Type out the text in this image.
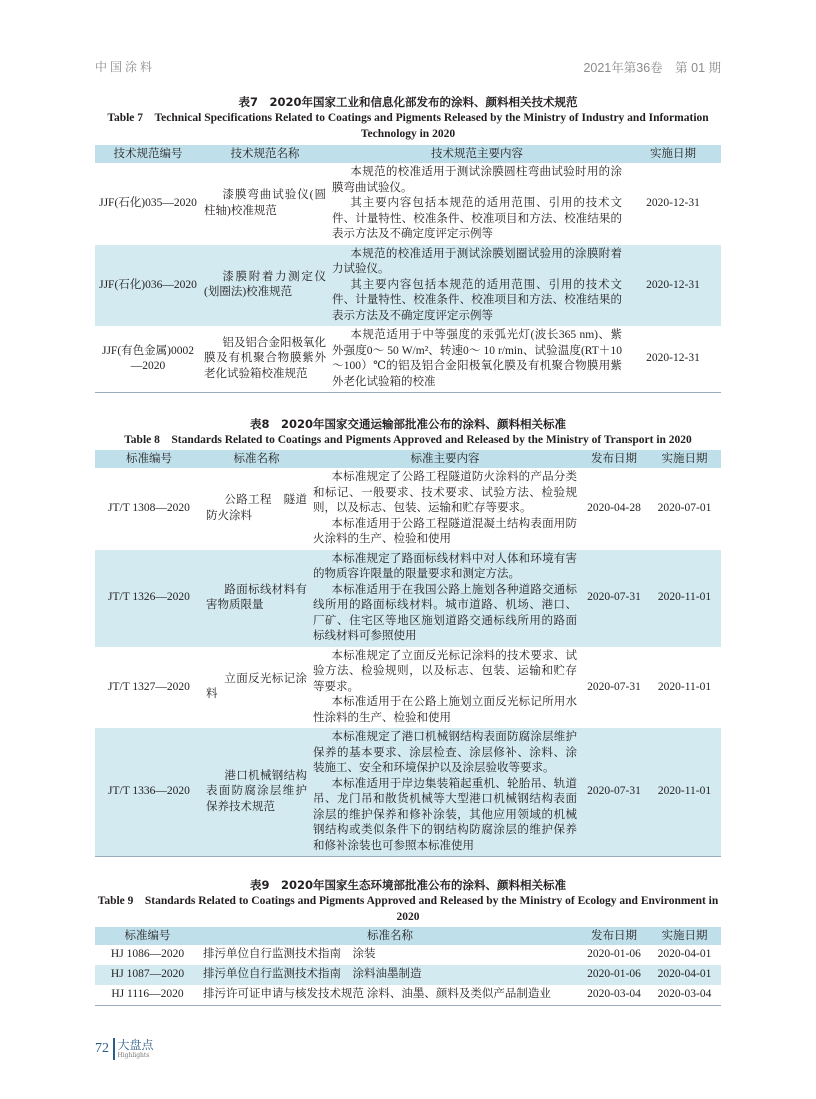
中国涂料	2021年第36卷　第 01 期
表7　2020年国家工业和信息化部发布的涂料、颜料相关技术规范
Table 7　Technical Specifications Related to Coatings and Pigments Released by the Ministry of Industry and Information Technology in 2020
技术规范编号	技术规范名称	技术规范主要内容	实施日期
JJF(石化)035—2020	漆膜弯曲试验仪(圆柱轴)校准规范	本规范的校准适用于测试涂膜圆柱弯曲试验时用的涂膜弯曲试验仪。

其主要内容包括本规范的适用范围、引用的技术文件、计量特性、校准条件、校准项目和方法、校准结果的表示方法及不确定度评定示例等	2020-12-31
JJF(石化)036—2020	漆膜附着力测定仪(划圈法)校准规范	本规范的校准适用于测试涂膜划圈试验用的涂膜附着力试验仪。

其主要内容包括本规范的适用范围、引用的技术文件、计量特性、校准条件、校准项目和方法、校准结果的表示方法及不确定度评定示例等	2020-12-31
JJF(有色金属)0002—2020	铝及铝合金阳极氧化膜及有机聚合物膜紫外老化试验箱校准规范	本规范适用于中等强度的汞弧光灯(波长365 nm)、紫外强度0～ 50 W/m²、转速0～ 10 r/min、试验温度(RT＋10～100）℃的铝及铝合金阳极氧化膜及有机聚合物膜用紫外老化试验箱的校准	2020-12-31
表8　2020年国家交通运输部批准公布的涂料、颜料相关标准
Table 8　Standards Related to Coatings and Pigments Approved and Released by the Ministry of Transport in 2020
标准编号	标准名称	标准主要内容	发布日期	实施日期
JT/T 1308—2020	公路工程　隧道防火涂料	本标准规定了公路工程隧道防火涂料的产品分类和标记、一般要求、技术要求、试验方法、检验规则，以及标志、包装、运输和贮存等要求。

本标准适用于公路工程隧道混凝土结构表面用防火涂料的生产、检验和使用	2020-04-28	2020-07-01
JT/T 1326—2020	路面标线材料有害物质限量	本标准规定了路面标线材料中对人体和环境有害的物质容许限量的限量要求和测定方法。

本标准适用于在我国公路上施划各种道路交通标线所用的路面标线材料。城市道路、机场、港口、厂矿、住宅区等地区施划道路交通标线所用的路面标线材料可参照使用	2020-07-31	2020-11-01
JT/T 1327—2020	立面反光标记涂料	本标准规定了立面反光标记涂料的技术要求、试验方法、检验规则，以及标志、包装、运输和贮存等要求。

本标准适用于在公路上施划立面反光标记所用水性涂料的生产、检验和使用	2020-07-31	2020-11-01
JT/T 1336—2020	港口机械钢结构表面防腐涂层维护保养技术规范	本标准规定了港口机械钢结构表面防腐涂层维护保养的基本要求、涂层检查、涂层修补、涂料、涂装施工、安全和环境保护以及涂层验收等要求。

本标准适用于岸边集装箱起重机、轮胎吊、轨道吊、龙门吊和散货机械等大型港口机械钢结构表面涂层的维护保养和修补涂装，其他应用领域的机械钢结构或类似条件下的钢结构防腐涂层的维护保养和修补涂装也可参照本标准使用	2020-07-31	2020-11-01
表9　2020年国家生态环境部批准公布的涂料、颜料相关标准
Table 9　Standards Related to Coatings and Pigments Approved and Released by the Ministry of Ecology and Environment in 2020
标准编号	标准名称	发布日期	实施日期
HJ 1086—2020	排污单位自行监测技术指南　涂装	2020-01-06	2020-04-01
HJ 1087—2020	排污单位自行监测技术指南　涂料油墨制造	2020-01-06	2020-04-01
HJ 1116—2020	排污许可证申请与核发技术规范 涂料、油墨、颜料及类似产品制造业	2020-03-04	2020-03-04
72 大盘点
Highlights
